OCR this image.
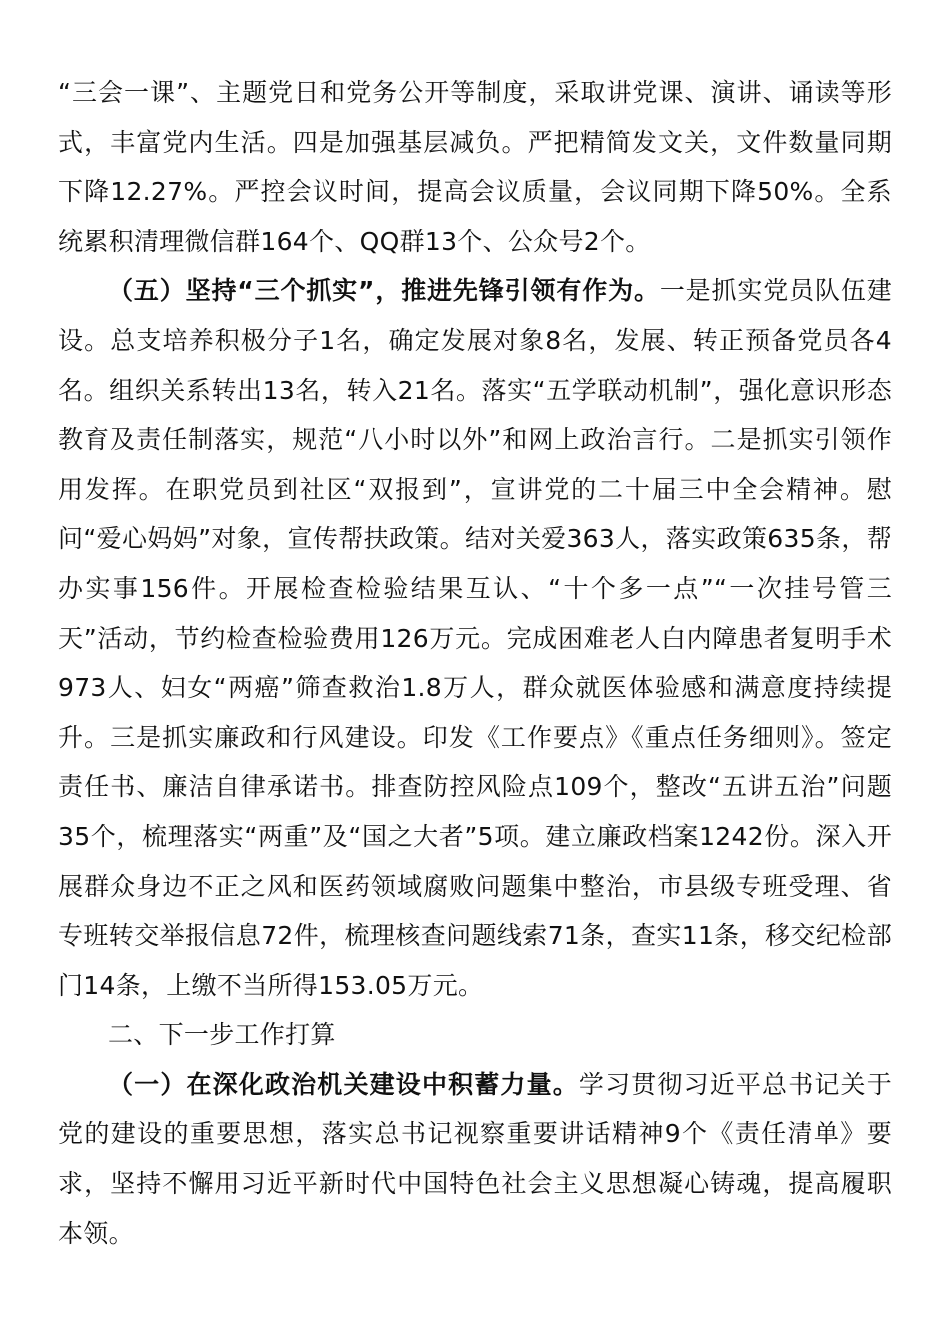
“三会一课”、主题党日和党务公开等制度，采取讲党课、演讲、诵读等形式，丰富党内生活。四是加强基层减负。严把精简发文关，文件数量同期下降12.27%。严控会议时间，提高会议质量，会议同期下降50%。全系统累积清理微信群164个、QQ群13个、公众号2个。

（五）坚持“三个抓实”，推进先锋引领有作为。一是抓实党员队伍建设。总支培养积极分子1名，确定发展对象8名，发展、转正预备党员各4名。组织关系转出13名，转入21名。落实“五学联动机制”，强化意识形态教育及责任制落实，规范“八小时以外”和网上政治言行。二是抓实引领作用发挥。在职党员到社区“双报到”，宣讲党的二十届三中全会精神。慰问“爱心妈妈”对象，宣传帮扶政策。结对关爱363人，落实政策635条，帮办实事156件。开展检查检验结果互认、“十个多一点”“一次挂号管三天”活动，节约检查检验费用126万元。完成困难老人白内障患者复明手术973人、妇女“两癌”筛查救治1.8万人，群众就医体验感和满意度持续提升。三是抓实廉政和行风建设。印发《工作要点》《重点任务细则》。签定责任书、廉洁自律承诺书。排查防控风险点109个，整改“五讲五治”问题35个，梳理落实“两重”及“国之大者”5项。建立廉政档案1242份。深入开展群众身边不正之风和医药领域腐败问题集中整治，市县级专班受理、省专班转交举报信息72件，梳理核查问题线索71条，查实11条，移交纪检部门14条，上缴不当所得153.05万元。

二、下一步工作打算

（一）在深化政治机关建设中积蓄力量。学习贯彻习近平总书记关于党的建设的重要思想，落实总书记视察重要讲话精神9个《责任清单》要求，坚持不懈用习近平新时代中国特色社会主义思想凝心铸魂，提高履职本领。
